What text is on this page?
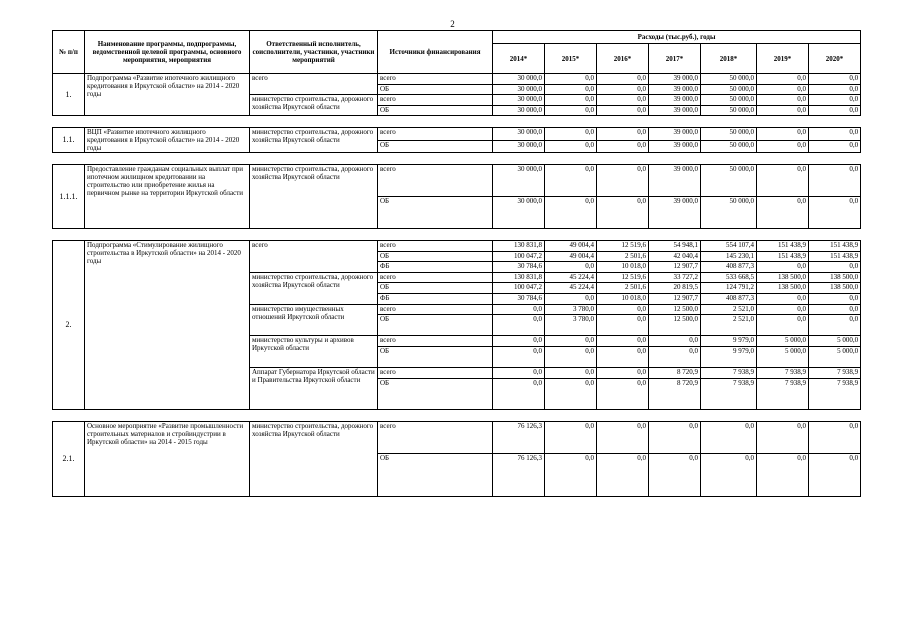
2
№ п/п	Наименование программы, подпрограммы, ведомственной целевой программы, основного мероприятия, мероприятия	Ответственный исполнитель, соисполнители, участники, участники мероприятий	Источники финансирования	Расходы (тыс.руб.), годы						
				2014*	2015*	2016*	2017*	2018*	2019*	2020*
1.	Подпрограмма «Развитие ипотечного жилищного кредитования в Иркутской области» на 2014 - 2020 годы	всего	всего	30 000,0	0,0	0,0	39 000,0	50 000,0	0,0	0,0
			ОБ	30 000,0	0,0	0,0	39 000,0	50 000,0	0,0	0,0
		министерство строительства, дорожного хозяйства Иркутской области	всего	30 000,0	0,0	0,0	39 000,0	50 000,0	0,0	0,0
			ОБ	30 000,0	0,0	0,0	39 000,0	50 000,0	0,0	0,0

1.1.	ВЦП «Развитие ипотечного жилищного кредитования в Иркутской области» на 2014 - 2020 годы	министерство строительства, дорожного хозяйства Иркутской области	всего	30 000,0	0,0	0,0	39 000,0	50 000,0	0,0	0,0
			ОБ	30 000,0	0,0	0,0	39 000,0	50 000,0	0,0	0,0

1.1.1.	Предоставление гражданам социальных выплат при ипотечном жилищном кредитовании на строительство или приобретение жилья на первичном рынке на территории Иркутской области	министерство строительства, дорожного хозяйства Иркутской области	всего	30 000,0	0,0	0,0	39 000,0	50 000,0	0,0	0,0
			ОБ	30 000,0	0,0	0,0	39 000,0	50 000,0	0,0	0,0

2.	Подпрограмма «Стимулирование жилищного строительства в Иркутской области» на 2014 - 2020 годы	всего	всего	130 831,8	49 004,4	12 519,6	54 948,1	554 107,4	151 438,9	151 438,9
			ОБ	100 047,2	49 004,4	2 501,6	42 040,4	145 230,1	151 438,9	151 438,9
			ФБ	30 784,6	0,0	10 018,0	12 907,7	408 877,3	0,0	0,0
		министерство строительства, дорожного хозяйства Иркутской области	всего	130 831,8	45 224,4	12 519,6	33 727,2	533 668,5	138 500,0	138 500,0
			ОБ	100 047,2	45 224,4	2 501,6	20 819,5	124 791,2	138 500,0	138 500,0
			ФБ	30 784,6	0,0	10 018,0	12 907,7	408 877,3	0,0	0,0
		министерство имущественных отношений Иркутской области	всего	0,0	3 780,0	0,0	12 500,0	2 521,0	0,0	0,0
			ОБ	0,0	3 780,0	0,0	12 500,0	2 521,0	0,0	0,0
		министерство культуры и архивов Иркутской области	всего	0,0	0,0	0,0	0,0	9 979,0	5 000,0	5 000,0
			ОБ	0,0	0,0	0,0	0,0	9 979,0	5 000,0	5 000,0
		Аппарат Губернатора Иркутской области и Правительства Иркутской области	всего	0,0	0,0	0,0	8 720,9	7 938,9	7 938,9	7 938,9
			ОБ	0,0	0,0	0,0	8 720,9	7 938,9	7 938,9	7 938,9

2.1.	Основное мероприятие «Развитие промышленности строительных материалов и стройиндустрии в Иркутской области» на 2014 - 2015 годы	министерство строительства, дорожного хозяйства Иркутской области	всего	76 126,3	0,0	0,0	0,0	0,0	0,0	0,0
			ОБ	76 126,3	0,0	0,0	0,0	0,0	0,0	0,0
